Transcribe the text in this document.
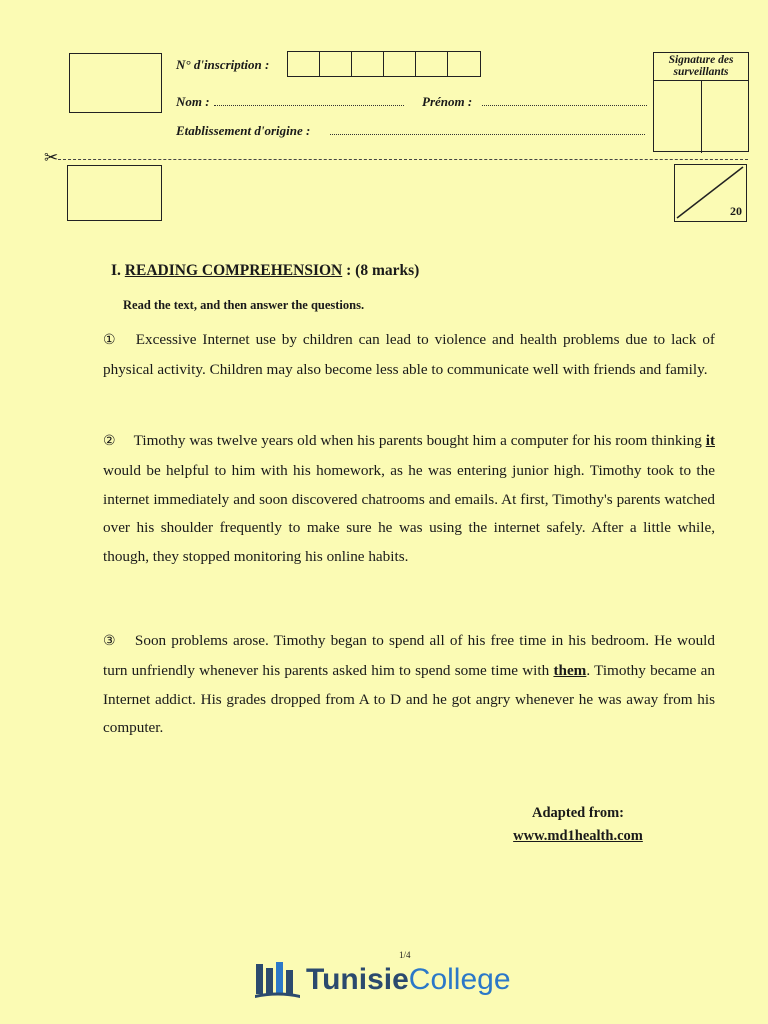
N° d'inscription :
Nom :	Prénom :
Etablissement d'origine :
Signature des surveillants
✂
20
I. READING COMPREHENSION : (8 marks)
Read the text, and then answer the questions.
① Excessive Internet use by children can lead to violence and health problems due to lack of physical activity. Children may also become less able to communicate well with friends and family.
② Timothy was twelve years old when his parents bought him a computer for his room thinking it would be helpful to him with his homework, as he was entering junior high. Timothy took to the internet immediately and soon discovered chatrooms and emails. At first, Timothy's parents watched over his shoulder frequently to make sure he was using the internet safely. After a little while, though, they stopped monitoring his online habits.
③ Soon problems arose. Timothy began to spend all of his free time in his bedroom. He would turn unfriendly whenever his parents asked him to spend some time with them. Timothy became an Internet addict. His grades dropped from A to D and he got angry whenever he was away from his computer.
Adapted from:
www.md1health.com
1/4
Tunisie College
